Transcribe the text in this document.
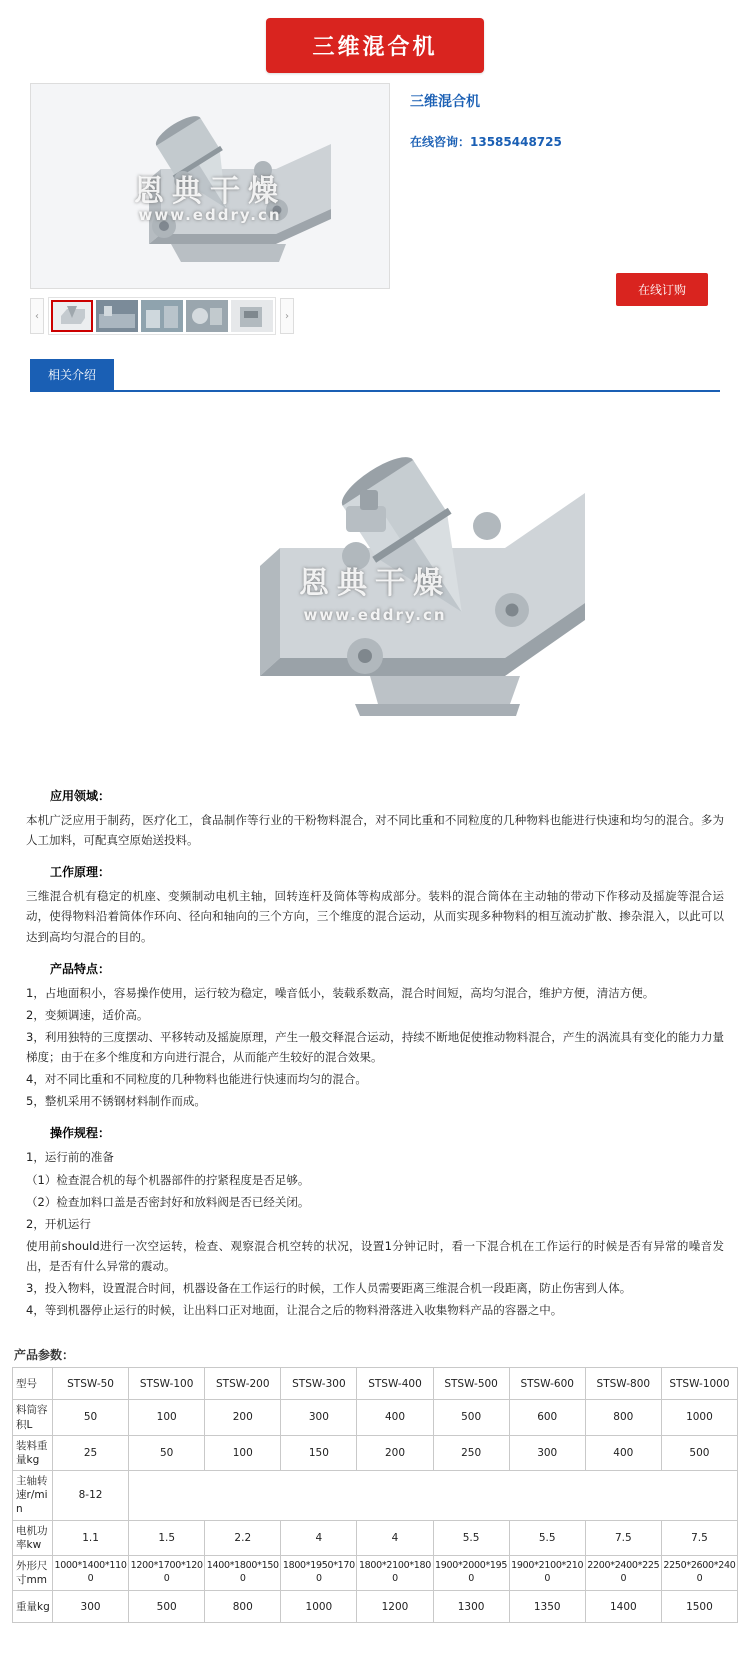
三维混合机
恩典干燥
www.eddry.cn
‹	›
三维混合机
在线咨询：13585448725
在线订购
相关介绍
恩典干燥
www.eddry.cn
应用领域：

本机广泛应用于制药，医疗化工，食品制作等行业的干粉物料混合，对不同比重和不同粒度的几种物料也能进行快速和均匀的混合。多为人工加料，可配真空原始送投料。

工作原理：

三维混合机有稳定的机座、变频制动电机主轴，回转连杆及筒体等构成部分。装料的混合筒体在主动轴的带动下作移动及摇旋等混合运动，使得物料沿着筒体作环向、径向和轴向的三个方向，三个维度的混合运动，从而实现多种物料的相互流动扩散、掺杂混入，以此可以达到高均匀混合的目的。

产品特点：

1，占地面积小，容易操作使用，运行较为稳定，噪音低小，装载系数高，混合时间短，高均匀混合，维护方便，清洁方便。

2，变频调速，适价高。

3，利用独特的三度摆动、平移转动及摇旋原理，产生一般交释混合运动，持续不断地促使推动物料混合，产生的涡流具有变化的能力力量梯度；由于在多个维度和方向进行混合，从而能产生较好的混合效果。

4，对不同比重和不同粒度的几种物料也能进行快速而均匀的混合。

5，整机采用不锈钢材料制作而成。

操作规程：

1，运行前的准备

（1）检查混合机的每个机器部件的拧紧程度是否足够。

（2）检查加料口盖是否密封好和放料阀是否已经关闭。

2，开机运行

使用前should进行一次空运转，检查、观察混合机空转的状况，设置1分钟记时，看一下混合机在工作运行的时候是否有异常的噪音发出，是否有什么异常的震动。

3，投入物料，设置混合时间，机器设备在工作运行的时候，工作人员需要距离三维混合机一段距离，防止伤害到人体。

4，等到机器停止运行的时候，让出料口正对地面，让混合之后的物料滑落进入收集物料产品的容器之中。

产品参数：
型号	STSW-50	STSW-100	STSW-200	STSW-300	STSW-400	STSW-500	STSW-600	STSW-800	STSW-1000
料筒容积L	50	100	200	300	400	500	600	800	1000
装料重量kg	25	50	100	150	200	250	300	400	500
主轴转速r/min	8-12								
电机功率kw	1.1	1.5	2.2	4	4	5.5	5.5	7.5	7.5
外形尺寸mm	1000*1400*1100	1200*1700*1200	1400*1800*1500	1800*1950*1700	1800*2100*1800	1900*2000*1950	1900*2100*2100	2200*2400*2250	2250*2600*2400
重量kg	300	500	800	1000	1200	1300	1350	1400	1500
